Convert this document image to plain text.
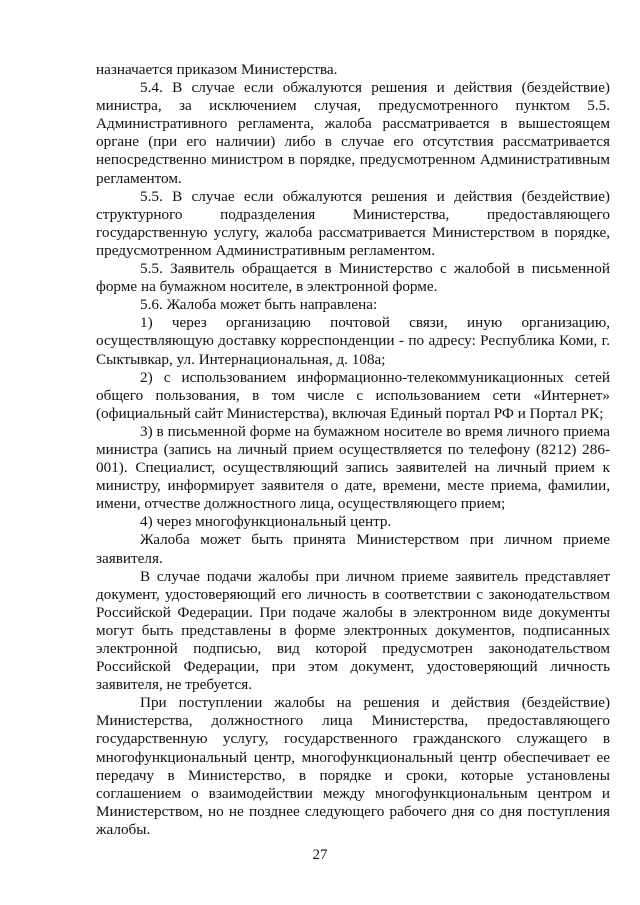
назначается приказом Министерства.

5.4. В случае если обжалуются решения и действия (бездействие) министра, за исключением случая, предусмотренного пунктом 5.5. Административного регламента, жалоба рассматривается в вышестоящем органе (при его наличии) либо в случае его отсутствия рассматривается непосредственно министром в порядке, предусмотренном Административным регламентом.

5.5. В случае если обжалуются решения и действия (бездействие) структурного подразделения Министерства, предоставляющего государственную услугу, жалоба рассматривается Министерством в порядке, предусмотренном Административным регламентом.

5.5. Заявитель обращается в Министерство с жалобой в письменной форме на бумажном носителе, в электронной форме.

5.6. Жалоба может быть направлена:

1) через организацию почтовой связи, иную организацию, осуществляющую доставку корреспонденции - по адресу: Республика Коми, г. Сыктывкар, ул. Интернациональная, д. 108а;

2) с использованием информационно-телекоммуникационных сетей общего пользования, в том числе с использованием сети «Интернет» (официальный сайт Министерства), включая Единый портал РФ и Портал РК;

3) в письменной форме на бумажном носителе во время личного приема министра (запись на личный прием осуществляется по телефону (8212) 286-001). Специалист, осуществляющий запись заявителей на личный прием к министру, информирует заявителя о дате, времени, месте приема, фамилии, имени, отчестве должностного лица, осуществляющего прием;

4) через многофункциональный центр.

Жалоба может быть принята Министерством при личном приеме заявителя.

В случае подачи жалобы при личном приеме заявитель представляет документ, удостоверяющий его личность в соответствии с законодательством Российской Федерации. При подаче жалобы в электронном виде документы могут быть представлены в форме электронных документов, подписанных электронной подписью, вид которой предусмотрен законодательством Российской Федерации, при этом документ, удостоверяющий личность заявителя, не требуется.

При поступлении жалобы на решения и действия (бездействие) Министерства, должностного лица Министерства, предоставляющего государственную услугу, государственного гражданского служащего в многофункциональный центр, многофункциональный центр обеспечивает ее передачу в Министерство, в порядке и сроки, которые установлены соглашением о взаимодействии между многофункциональным центром и Министерством, но не позднее следующего рабочего дня со дня поступления жалобы.

27
